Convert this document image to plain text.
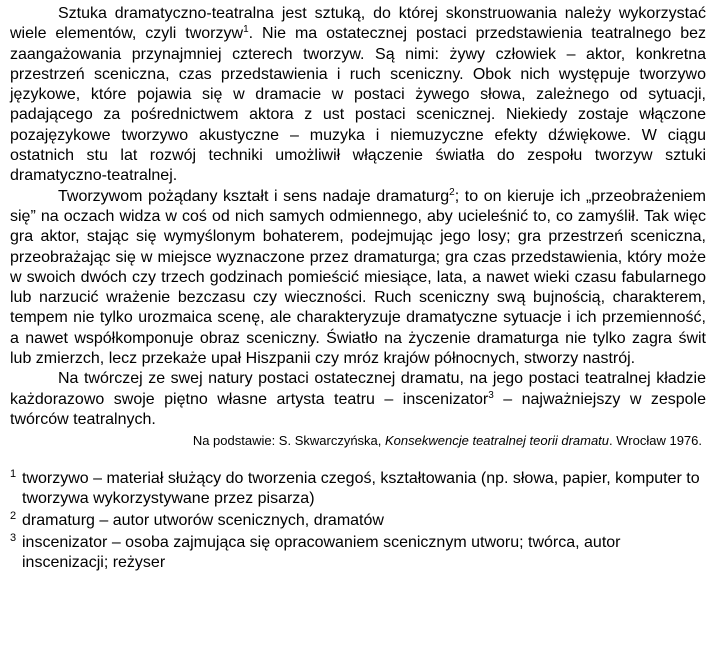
Sztuka dramatyczno-teatralna jest sztuką, do której skonstruowania należy wykorzystać wiele elementów, czyli tworzyw$^1$. Nie ma ostatecznej postaci przedstawienia teatralnego bez zaangażowania przynajmniej czterech tworzyw. Są nimi: żywy człowiek – aktor, konkretna przestrzeń sceniczna, czas przedstawienia i ruch sceniczny. Obok nich występuje tworzywo językowe, które pojawia się w dramacie w postaci żywego słowa, zależnego od sytuacji, padającego za pośrednictwem aktora z ust postaci scenicznej. Niekiedy zostaje włączone pozajęzykowe tworzywo akustyczne – muzyka i niemuzyczne efekty dźwiękowe. W ciągu ostatnich stu lat rozwój techniki umożliwił włączenie światła do zespołu tworzyw sztuki dramatyczno-teatralnej.

Tworzywom pożądany kształt i sens nadaje dramaturg$^2$; to on kieruje ich „przeobrażeniem się” na oczach widza w coś od nich samych odmiennego, aby ucieleśnić to, co zamyślił. Tak więc gra aktor, stając się wymyślonym bohaterem, podejmując jego losy; gra przestrzeń sceniczna, przeobrażając się w miejsce wyznaczone przez dramaturga; gra czas przedstawienia, który może w swoich dwóch czy trzech godzinach pomieścić miesiące, lata, a nawet wieki czasu fabularnego lub narzucić wrażenie bezczasu czy wieczności. Ruch sceniczny swą bujnością, charakterem, tempem nie tylko urozmaica scenę, ale charakteryzuje dramatyczne sytuacje i ich przemienność, a nawet współkomponuje obraz sceniczny. Światło na życzenie dramaturga nie tylko zagra świt lub zmierzch, lecz przekaże upał Hiszpanii czy mróz krajów północnych, stworzy nastrój.

Na twórczej ze swej natury postaci ostatecznej dramatu, na jego postaci teatralnej kładzie każdorazowo swoje piętno własne artysta teatru – inscenizator$^3$ – najważniejszy w zespole twórców teatralnych.

Na podstawie: S. Skwarczyńska, Konsekwencje teatralnej teorii dramatu. Wrocław 1976.

1 tworzywo – materiał służący do tworzenia czegoś, kształtowania (np. słowa, papier, komputer to tworzywa wykorzystywane przez pisarza)
2 dramaturg – autor utworów scenicznych, dramatów
3 inscenizator – osoba zajmująca się opracowaniem scenicznym utworu; twórca, autor inscenizacji; reżyser
